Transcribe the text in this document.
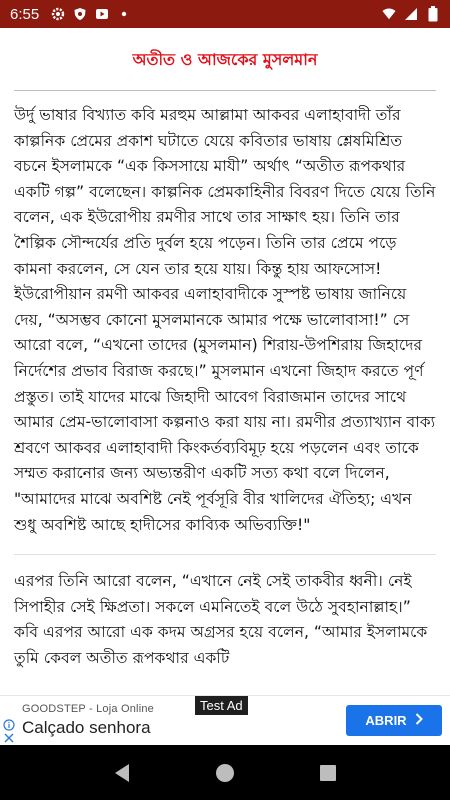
6:55
অতীত ও আজকের মুসলমান

উর্দু ভাষার বিখ্যাত কবি মরহুম আল্লামা আকবর এলাহাবাদী তাঁর কাল্পনিক প্রেমের প্রকাশ ঘটাতে যেয়ে কবিতার ভাষায় শ্লেষমিশ্রিত বচনে ইসলামকে “এক কিসসায়ে মাযী” অর্থাৎ “অতীত রূপকথার একটি গল্প” বলেছেন। কাল্পনিক প্রেমকাহিনীর বিবরণ দিতে যেয়ে তিনি বলেন, এক ইউরোপীয় রমণীর সাথে তার সাক্ষাৎ হয়। তিনি তার শৈল্পিক সৌন্দর্যের প্রতি দুর্বল হয়ে পড়েন। তিনি তার প্রেমে পড়ে কামনা করলেন, সে যেন তার হয়ে যায়। কিন্তু হায় আফসোস! ইউরোপীয়ান রমণী আকবর এলাহাবাদীকে সুস্পষ্ট ভাষায় জানিয়ে দেয়, “অসম্ভব কোনো মুসলমানকে আমার পক্ষে ভালোবাসা!” সে আরো বলে, “এখনো তাদের (মুসলমান) শিরায়-উপশিরায় জিহাদের নির্দেশের প্রভাব বিরাজ করছে।” মুসলমান এখনো জিহাদ করতে পূর্ণ প্রস্তুত। তাই যাদের মাঝে জিহাদী আবেগ বিরাজমান তাদের সাথে আমার প্রেম-ভালোবাসা কল্পনাও করা যায় না। রমণীর প্রত্যাখ্যান বাক্য শ্রবণে আকবর এলাহাবাদী কিংকর্তব্যবিমূঢ় হয়ে পড়লেন এবং তাকে সম্মত করানোর জন্য অভ্যন্তরীণ একটি সত্য কথা বলে দিলেন, "আমাদের মাঝে অবশিষ্ট নেই পূর্বসূরি বীর খালিদের ঐতিহ্য; এখন শুধু অবশিষ্ট আছে হাদীসের কাব্যিক অভিব্যক্তি!"

এরপর তিনি আরো বলেন, “এখানে নেই সেই তাকবীর ধ্বনী। নেই সিপাহীর সেই ক্ষিপ্রতা। সকলে এমনিতেই বলে উঠে সুবহানাল্লাহ।” কবি এরপর আরো এক কদম অগ্রসর হয়ে বলেন, “আমার ইসলামকে তুমি কেবল অতীত রূপকথার একটি

Test Ad
GOODSTEP - Loja Online
Calçado senhora	ABRIR
